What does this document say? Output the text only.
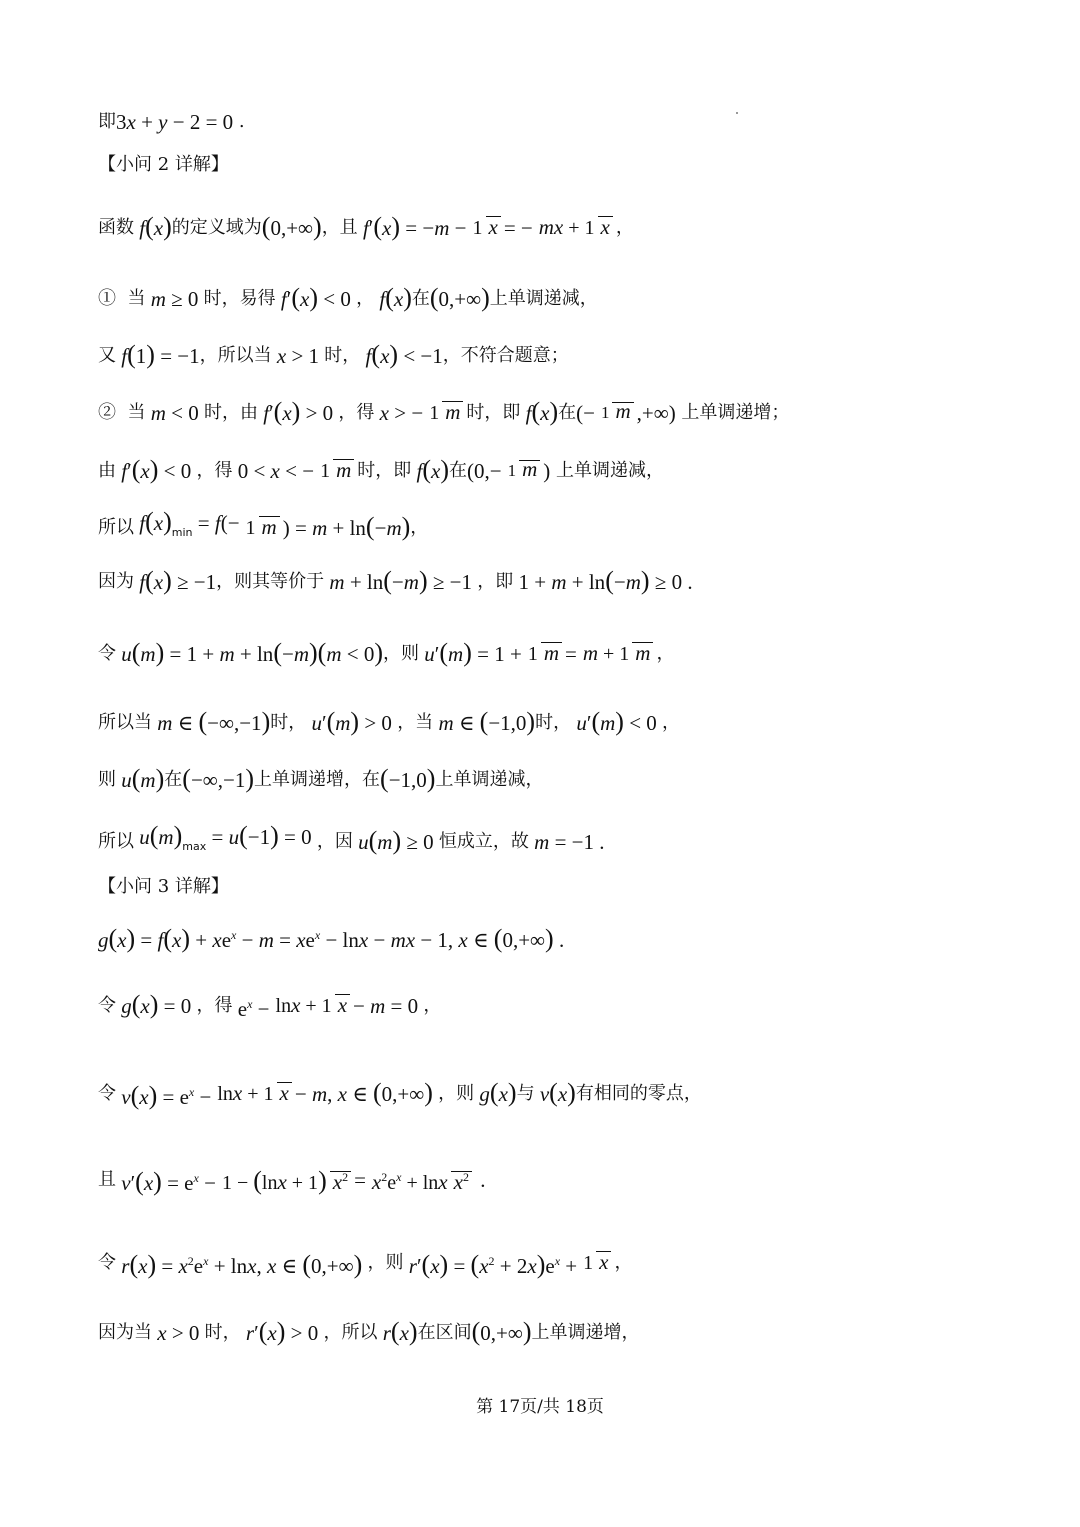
即 3x + y − 2 = 0 .
【小问 2 详解】
函数 f(x) 的定义域为 (0,+∞) ，且 f′(x) = −m − 1 x = − mx + 1 x ，
①  当 m ≥ 0 时，易得 f′(x) < 0 ， f(x) 在 (0,+∞) 上单调递减，
又 f(1) = −1 ，所以当 x > 1 时， f(x) < −1 ，不符合题意；
②  当 m < 0 时，由 f′(x) > 0 ，得 x > − 1 m 时，即 f(x) 在 (− 1 m ,+∞) 上单调递增；
由 f′(x) < 0 ，得 0 < x < − 1 m 时，即 f(x) 在 (0,− 1 m ) 上单调递减，
所以 $f(x)_{min} = f(- 1$ m ) = m + ln(−m) ，
因为 f(x) ≥ −1 ，则其等价于 m + ln(−m) ≥ −1 ，即 1 + m + ln(−m) ≥ 0 .
令 u(m) = 1 + m + ln(−m)(m < 0) ，则 u′(m) = 1 + 1 m = m + 1 m ，
所以当 m ∈ (−∞,−1) 时， u′(m) > 0 ，当 m ∈ (−1,0) 时， u′(m) < 0 ，
则 u(m) 在 (−∞,−1) 上单调递增，在 (−1,0) 上单调递减，
所以 $u(m)_{max} = u(-1) = 0$ ，因 u(m) ≥ 0 恒成立，故 m = −1 .
【小问 3 详解】
$g(x) = f(x) + xe^x - m = xe^x - \ln x$ − mx − 1, x ∈ (0,+∞) .
令 g(x) = 0 ，得 $e^x - \ln x + 1$ x − m = 0 ，
令 $v(x) = e^x - \ln x + 1$ x − m, x ∈ (0,+∞) ，则 g(x) 与 v(x) 有相同的零点，
且 $v'(x) = e^x - 1 - (\ln x + 1) x^2 = x^2e^x + \ln x$ $x^2$ .
令 $r(x) = x^2e^x + \ln x$, x ∈ (0,+∞) ，则 $r'(x) = (x^2 + 2x)e^x + 1$ x ，
因为当 x > 0 时， r′(x) > 0 ，所以 r(x) 在区间 (0,+∞) 上单调递增，
第 17页/共 18页
